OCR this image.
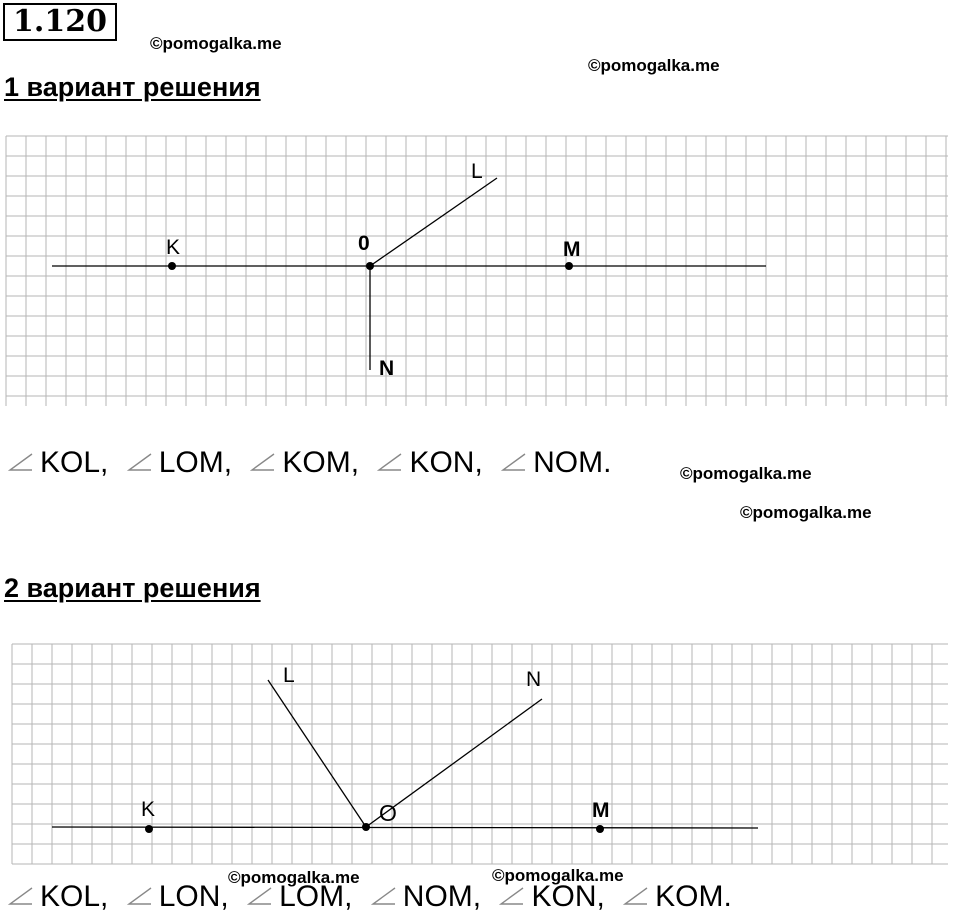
1.120
©pomogalka.me
©pomogalka.me
©pomogalka.me
©pomogalka.me
©pomogalka.me	©pomogalka.me
1 вариант решения
K	0
L
M
N
KOL, LOM, KOM, KON, NOM.
2 вариант решения
K	O
L
M
N
KOL, LON, LOM, NOM, KON, KOM.
